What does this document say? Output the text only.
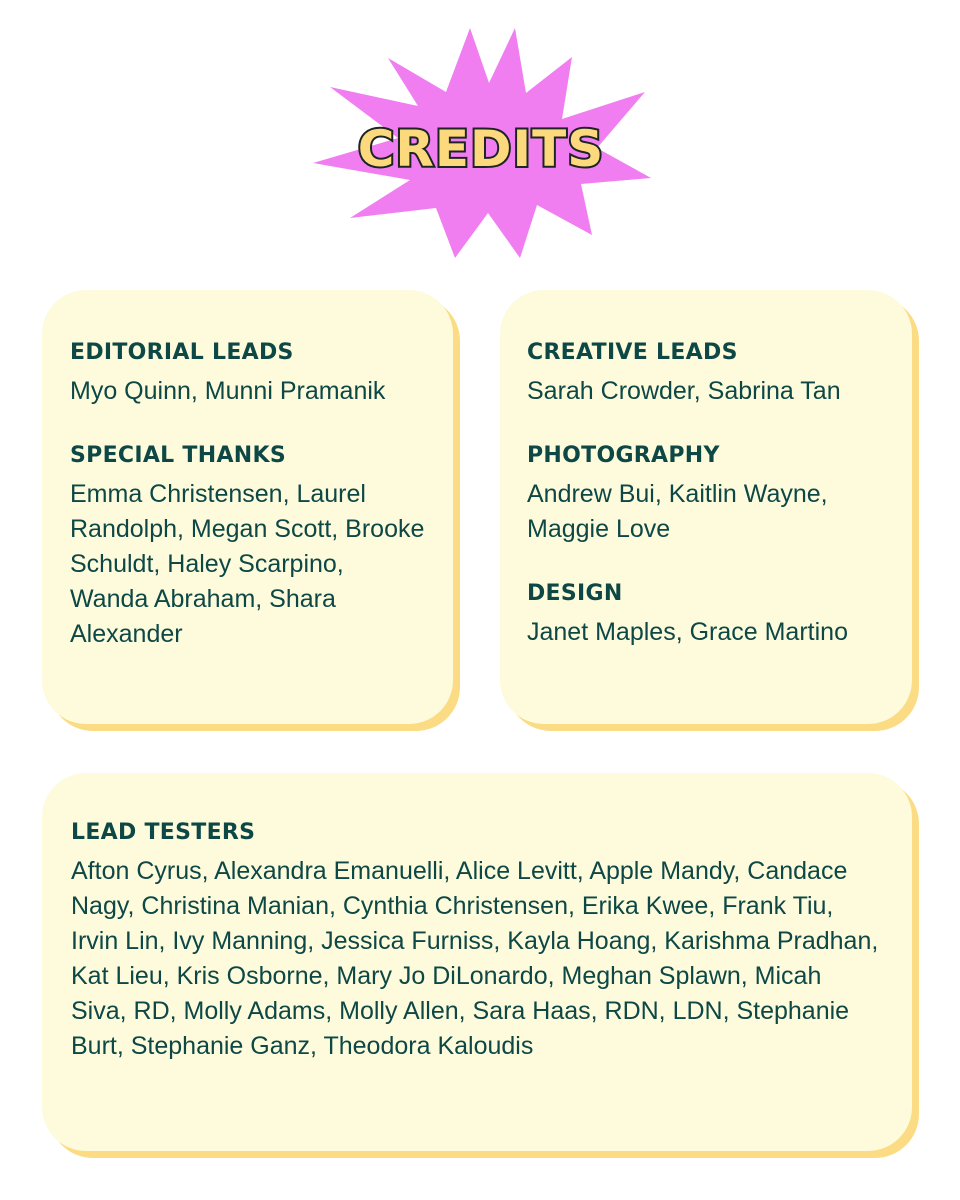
CREDITS
EDITORIAL LEADS
Myo Quinn, Munni Pramanik
SPECIAL THANKS
Emma Christensen, Laurel Randolph, Megan Scott, Brooke Schuldt, Haley Scarpino, Wanda Abraham, Shara Alexander
CREATIVE LEADS
Sarah Crowder, Sabrina Tan
PHOTOGRAPHY
Andrew Bui, Kaitlin Wayne, Maggie Love
DESIGN
Janet Maples, Grace Martino
LEAD TESTERS
Afton Cyrus, Alexandra Emanuelli, Alice Levitt, Apple Mandy, Candace Nagy, Christina Manian, Cynthia Christensen, Erika Kwee, Frank Tiu, Irvin Lin, Ivy Manning, Jessica Furniss, Kayla Hoang, Karishma Pradhan, Kat Lieu, Kris Osborne, Mary Jo DiLonardo, Meghan Splawn, Micah Siva, RD, Molly Adams, Molly Allen, Sara Haas, RDN, LDN, Stephanie Burt, Stephanie Ganz, Theodora Kaloudis
